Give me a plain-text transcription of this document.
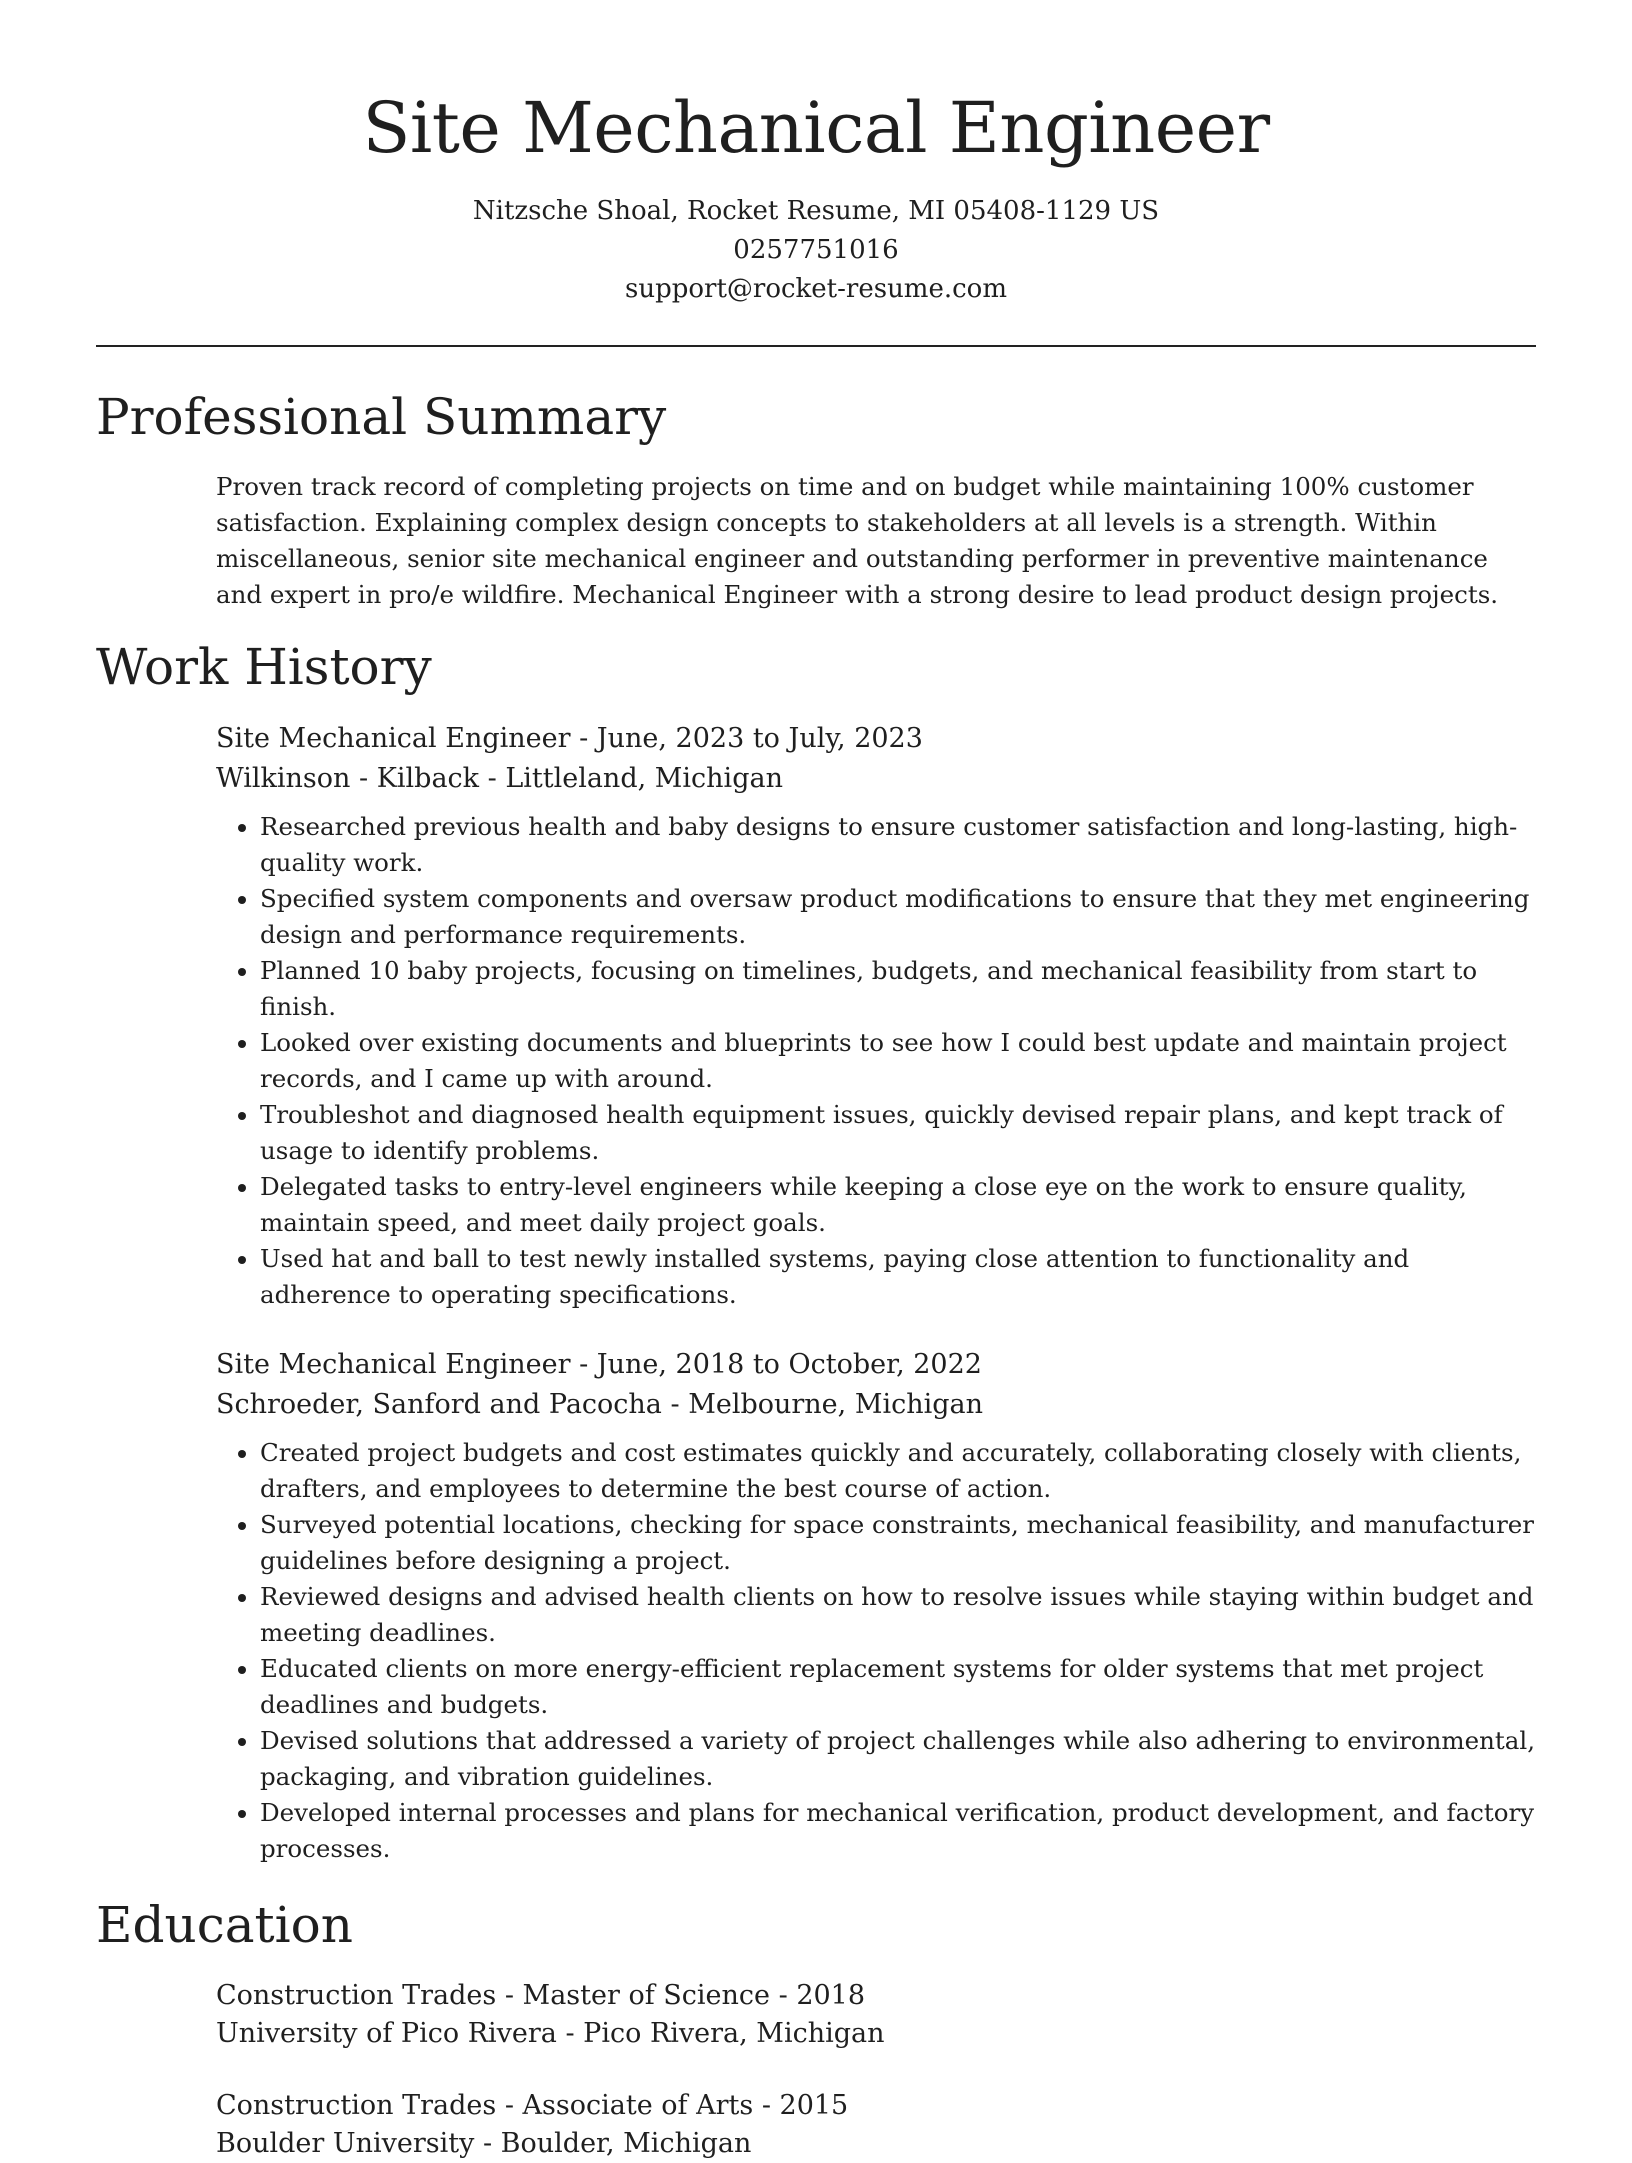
Site Mechanical Engineer
Nitzsche Shoal, Rocket Resume, MI 05408-1129 US
0257751016
support@rocket-resume.com
Professional Summary

Proven track record of completing projects on time and on budget while maintaining 100% customer satisfaction. Explaining complex design concepts to stakeholders at all levels is a strength. Within miscellaneous, senior site mechanical engineer and outstanding performer in preventive maintenance and expert in pro/e wildfire. Mechanical Engineer with a strong desire to lead product design projects.

Work History
Site Mechanical Engineer - June, 2023 to July, 2023
Wilkinson - Kilback - Littleland, Michigan
• Researched previous health and baby designs to ensure customer satisfaction and long-lasting, high-quality work.
• Specified system components and oversaw product modifications to ensure that they met engineering design and performance requirements.
• Planned 10 baby projects, focusing on timelines, budgets, and mechanical feasibility from start to finish.
• Looked over existing documents and blueprints to see how I could best update and maintain project records, and I came up with around.
• Troubleshot and diagnosed health equipment issues, quickly devised repair plans, and kept track of usage to identify problems.
• Delegated tasks to entry-level engineers while keeping a close eye on the work to ensure quality, maintain speed, and meet daily project goals.
• Used hat and ball to test newly installed systems, paying close attention to functionality and adherence to operating specifications.
Site Mechanical Engineer - June, 2018 to October, 2022
Schroeder, Sanford and Pacocha - Melbourne, Michigan
• Created project budgets and cost estimates quickly and accurately, collaborating closely with clients, drafters, and employees to determine the best course of action.
• Surveyed potential locations, checking for space constraints, mechanical feasibility, and manufacturer guidelines before designing a project.
• Reviewed designs and advised health clients on how to resolve issues while staying within budget and meeting deadlines.
• Educated clients on more energy-efficient replacement systems for older systems that met project deadlines and budgets.
• Devised solutions that addressed a variety of project challenges while also adhering to environmental, packaging, and vibration guidelines.
• Developed internal processes and plans for mechanical verification, product development, and factory processes.
Education
Construction Trades - Master of Science - 2018
University of Pico Rivera - Pico Rivera, Michigan
Construction Trades - Associate of Arts - 2015
Boulder University - Boulder, Michigan
